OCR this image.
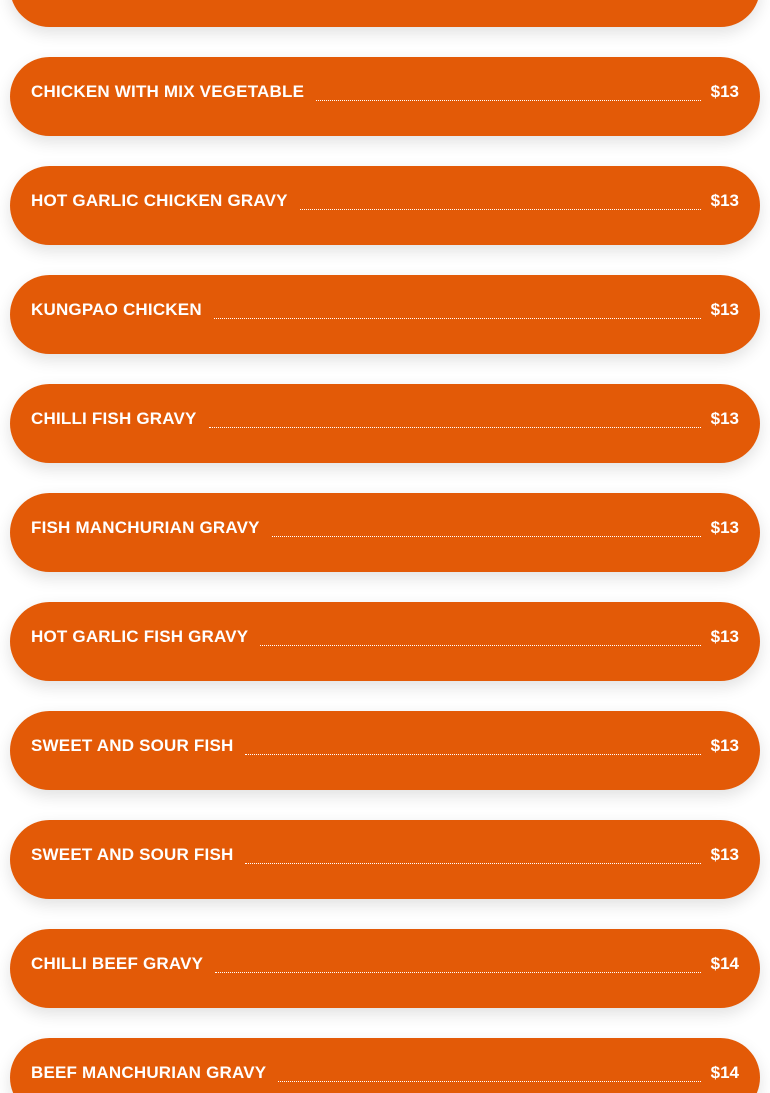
CHICKEN WITH MIX VEGETABLE	$13
HOT GARLIC CHICKEN GRAVY	$13
KUNGPAO CHICKEN	$13
CHILLI FISH GRAVY	$13
FISH MANCHURIAN GRAVY	$13
HOT GARLIC FISH GRAVY	$13
SWEET AND SOUR FISH	$13
SWEET AND SOUR FISH	$13
CHILLI BEEF GRAVY	$14
BEEF MANCHURIAN GRAVY	$14
